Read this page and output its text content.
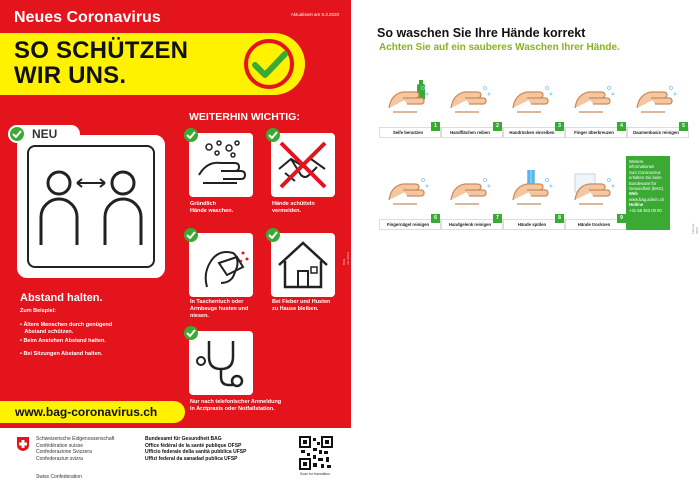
Neues Coronavirus	Aktualisiert am 6.3.2020
SO SCHÜTZEN
WIR UNS.
NEU
Abstand halten.
Zum Beispiel:
• Ältere Menschen durch genügend
Abstand schützen.
• Beim Anstehen Abstand halten.
• Bei Sitzungen Abstand halten.
WEITERHIN WICHTIG:
Gründlich
Hände waschen.
Hände schütteln
vermeiden.
In Taschentuch oder
Armbeuge husten und
niesen.
Bei Fieber und Husten
zu Hause bleiben.
Nur nach telefonischer Anmeldung
in Arztpraxis oder Notfallstation.
BAG 311.280.d
www.bag-coronavirus.ch
Schweizerische Eidgenossenschaft
Confédération suisse
Confederazione Svizzera
Confederaziun svizra
Swiss Confederation
Bundesamt für Gesundheit BAG
Office fédéral de la santé publique OFSP
Ufficio federale della sanità pubblica UFSP
Uffizi federal da sanadad publica UFSP
Scan for translation
So waschen Sie Ihre Hände korrekt
Achten Sie auf ein sauberes Waschen Ihrer Hände.
Seife benutzen
1
Handflächen reiben
2
Handrücken einreiben
3
Finger überkreuzen
4
Daumenbasis reinigen
5
Fingernägel reinigen
6
Handgelenk reinigen
7
Hände spülen
8
Hände trocknen
9
Weitere
informationen
zum Coronavirus
erhalten Sie beim
Bundesamt für
Gesundheit (BAG).
Web
www.bag.admin.ch
Hotline
+41 58 463 00 00
Februar 2020
